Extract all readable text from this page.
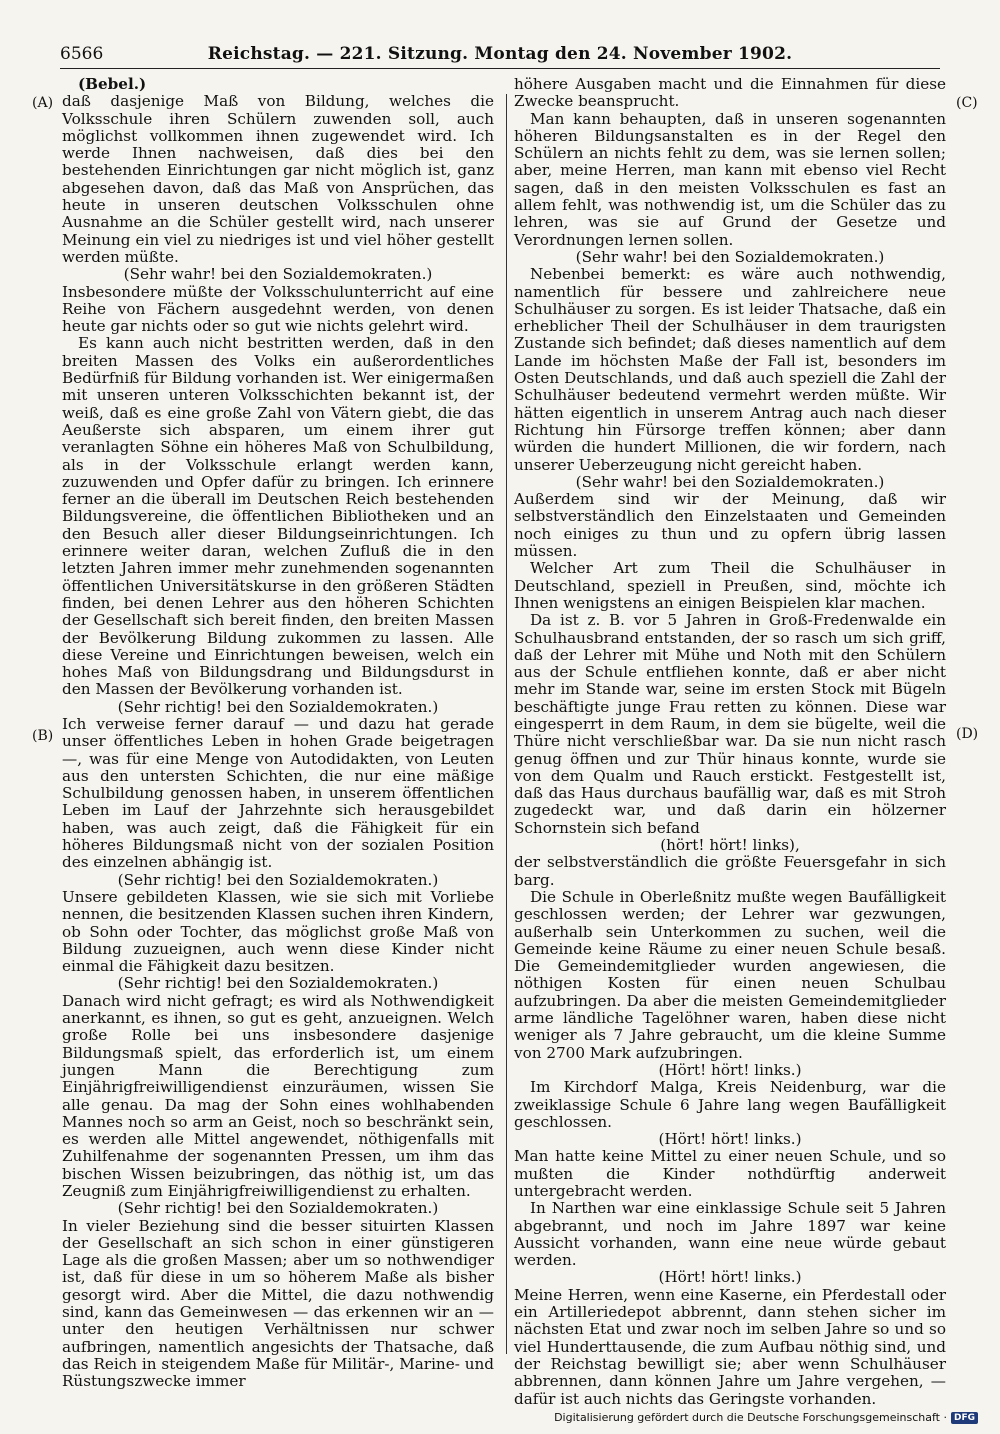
6566	Reichstag. — 221. Sitzung. Montag den 24. November 1902.
(A)
(B)
(C)
(D)

(Bebel.)

daß dasjenige Maß von Bildung, welches die Volksschule ihren Schülern zuwenden soll, auch möglichst vollkommen ihnen zugewendet wird. Ich werde Ihnen nachweisen, daß dies bei den bestehenden Einrichtungen gar nicht möglich ist, ganz abgesehen davon, daß das Maß von Ansprüchen, das heute in unseren deutschen Volksschulen ohne Ausnahme an die Schüler gestellt wird, nach unserer Meinung ein viel zu niedriges ist und viel höher gestellt werden müßte.

(Sehr wahr! bei den Sozialdemokraten.)

Insbesondere müßte der Volksschulunterricht auf eine Reihe von Fächern ausgedehnt werden, von denen heute gar nichts oder so gut wie nichts gelehrt wird.

Es kann auch nicht bestritten werden, daß in den breiten Massen des Volks ein außerordentliches Bedürfniß für Bildung vorhanden ist. Wer einigermaßen mit unseren unteren Volksschichten bekannt ist, der weiß, daß es eine große Zahl von Vätern giebt, die das Aeußerste sich absparen, um einem ihrer gut veranlagten Söhne ein höheres Maß von Schulbildung, als in der Volksschule erlangt werden kann, zuzuwenden und Opfer dafür zu bringen. Ich erinnere ferner an die überall im Deutschen Reich bestehenden Bildungsvereine, die öffentlichen Bibliotheken und an den Besuch aller dieser Bildungseinrichtungen. Ich erinnere weiter daran, welchen Zufluß die in den letzten Jahren immer mehr zunehmenden sogenannten öffentlichen Universitätskurse in den größeren Städten finden, bei denen Lehrer aus den höheren Schichten der Gesellschaft sich bereit finden, den breiten Massen der Bevölkerung Bildung zukommen zu lassen. Alle diese Vereine und Einrichtungen beweisen, welch ein hohes Maß von Bildungsdrang und Bildungsdurst in den Massen der Bevölkerung vorhanden ist.

(Sehr richtig! bei den Sozialdemokraten.)

Ich verweise ferner darauf — und dazu hat gerade unser öffentliches Leben in hohen Grade beigetragen —, was für eine Menge von Autodidakten, von Leuten aus den untersten Schichten, die nur eine mäßige Schulbildung genossen haben, in unserem öffentlichen Leben im Lauf der Jahrzehnte sich herausgebildet haben, was auch zeigt, daß die Fähigkeit für ein höheres Bildungsmaß nicht von der sozialen Position des einzelnen abhängig ist.

(Sehr richtig! bei den Sozialdemokraten.)

Unsere gebildeten Klassen, wie sie sich mit Vorliebe nennen, die besitzenden Klassen suchen ihren Kindern, ob Sohn oder Tochter, das möglichst große Maß von Bildung zuzueignen, auch wenn diese Kinder nicht einmal die Fähigkeit dazu besitzen.

(Sehr richtig! bei den Sozialdemokraten.)

Danach wird nicht gefragt; es wird als Nothwendigkeit anerkannt, es ihnen, so gut es geht, anzueignen. Welch große Rolle bei uns insbesondere dasjenige Bildungsmaß spielt, das erforderlich ist, um einem jungen Mann die Berechtigung zum Einjährigfreiwilligendienst einzuräumen, wissen Sie alle genau. Da mag der Sohn eines wohlhabenden Mannes noch so arm an Geist, noch so beschränkt sein, es werden alle Mittel angewendet, nöthigenfalls mit Zuhilfenahme der sogenannten Pressen, um ihm das bischen Wissen beizubringen, das nöthig ist, um das Zeugniß zum Einjährigfreiwilligendienst zu erhalten.

(Sehr richtig! bei den Sozialdemokraten.)

In vieler Beziehung sind die besser situirten Klassen der Gesellschaft an sich schon in einer günstigeren Lage als die großen Massen; aber um so nothwendiger ist, daß für diese in um so höherem Maße als bisher gesorgt wird. Aber die Mittel, die dazu nothwendig sind, kann das Gemeinwesen — das erkennen wir an — unter den heutigen Verhältnissen nur schwer aufbringen, namentlich angesichts der Thatsache, daß das Reich in steigendem Maße für Militär-, Marine- und Rüstungszwecke immer

höhere Ausgaben macht und die Einnahmen für diese Zwecke beansprucht.

Man kann behaupten, daß in unseren sogenannten höheren Bildungsanstalten es in der Regel den Schülern an nichts fehlt zu dem, was sie lernen sollen; aber, meine Herren, man kann mit ebenso viel Recht sagen, daß in den meisten Volksschulen es fast an allem fehlt, was nothwendig ist, um die Schüler das zu lehren, was sie auf Grund der Gesetze und Verordnungen lernen sollen.

(Sehr wahr! bei den Sozialdemokraten.)

Nebenbei bemerkt: es wäre auch nothwendig, namentlich für bessere und zahlreichere neue Schulhäuser zu sorgen. Es ist leider Thatsache, daß ein erheblicher Theil der Schulhäuser in dem traurigsten Zustande sich befindet; daß dieses namentlich auf dem Lande im höchsten Maße der Fall ist, besonders im Osten Deutschlands, und daß auch speziell die Zahl der Schulhäuser bedeutend vermehrt werden müßte. Wir hätten eigentlich in unserem Antrag auch nach dieser Richtung hin Fürsorge treffen können; aber dann würden die hundert Millionen, die wir fordern, nach unserer Ueberzeugung nicht gereicht haben.

(Sehr wahr! bei den Sozialdemokraten.)

Außerdem sind wir der Meinung, daß wir selbstverständlich den Einzelstaaten und Gemeinden noch einiges zu thun und zu opfern übrig lassen müssen.

Welcher Art zum Theil die Schulhäuser in Deutschland, speziell in Preußen, sind, möchte ich Ihnen wenigstens an einigen Beispielen klar machen.

Da ist z. B. vor 5 Jahren in Groß-Fredenwalde ein Schulhausbrand entstanden, der so rasch um sich griff, daß der Lehrer mit Mühe und Noth mit den Schülern aus der Schule entfliehen konnte, daß er aber nicht mehr im Stande war, seine im ersten Stock mit Bügeln beschäftigte junge Frau retten zu können. Diese war eingesperrt in dem Raum, in dem sie bügelte, weil die Thüre nicht verschließbar war. Da sie nun nicht rasch genug öffnen und zur Thür hinaus konnte, wurde sie von dem Qualm und Rauch erstickt. Festgestellt ist, daß das Haus durchaus baufällig war, daß es mit Stroh zugedeckt war, und daß darin ein hölzerner Schornstein sich befand

(hört! hört! links),

der selbstverständlich die größte Feuersgefahr in sich barg.

Die Schule in Oberleßnitz mußte wegen Baufälligkeit geschlossen werden; der Lehrer war gezwungen, außerhalb sein Unterkommen zu suchen, weil die Gemeinde keine Räume zu einer neuen Schule besaß. Die Gemeindemitglieder wurden angewiesen, die nöthigen Kosten für einen neuen Schulbau aufzubringen. Da aber die meisten Gemeindemitglieder arme ländliche Tagelöhner waren, haben diese nicht weniger als 7 Jahre gebraucht, um die kleine Summe von 2700 Mark aufzubringen.

(Hört! hört! links.)

Im Kirchdorf Malga, Kreis Neidenburg, war die zweiklassige Schule 6 Jahre lang wegen Baufälligkeit geschlossen.

(Hört! hört! links.)

Man hatte keine Mittel zu einer neuen Schule, und so mußten die Kinder nothdürftig anderweit untergebracht werden.

In Narthen war eine einklassige Schule seit 5 Jahren abgebrannt, und noch im Jahre 1897 war keine Aussicht vorhanden, wann eine neue würde gebaut werden.

(Hört! hört! links.)

Meine Herren, wenn eine Kaserne, ein Pferdestall oder ein Artilleriedepot abbrennt, dann stehen sicher im nächsten Etat und zwar noch im selben Jahre so und so viel Hunderttausende, die zum Aufbau nöthig sind, und der Reichstag bewilligt sie; aber wenn Schulhäuser abbrennen, dann können Jahre um Jahre vergehen, — dafür ist auch nichts das Geringste vorhanden.

Digitalisierung gefördert durch die Deutsche Forschungsgemeinschaft · DFG
